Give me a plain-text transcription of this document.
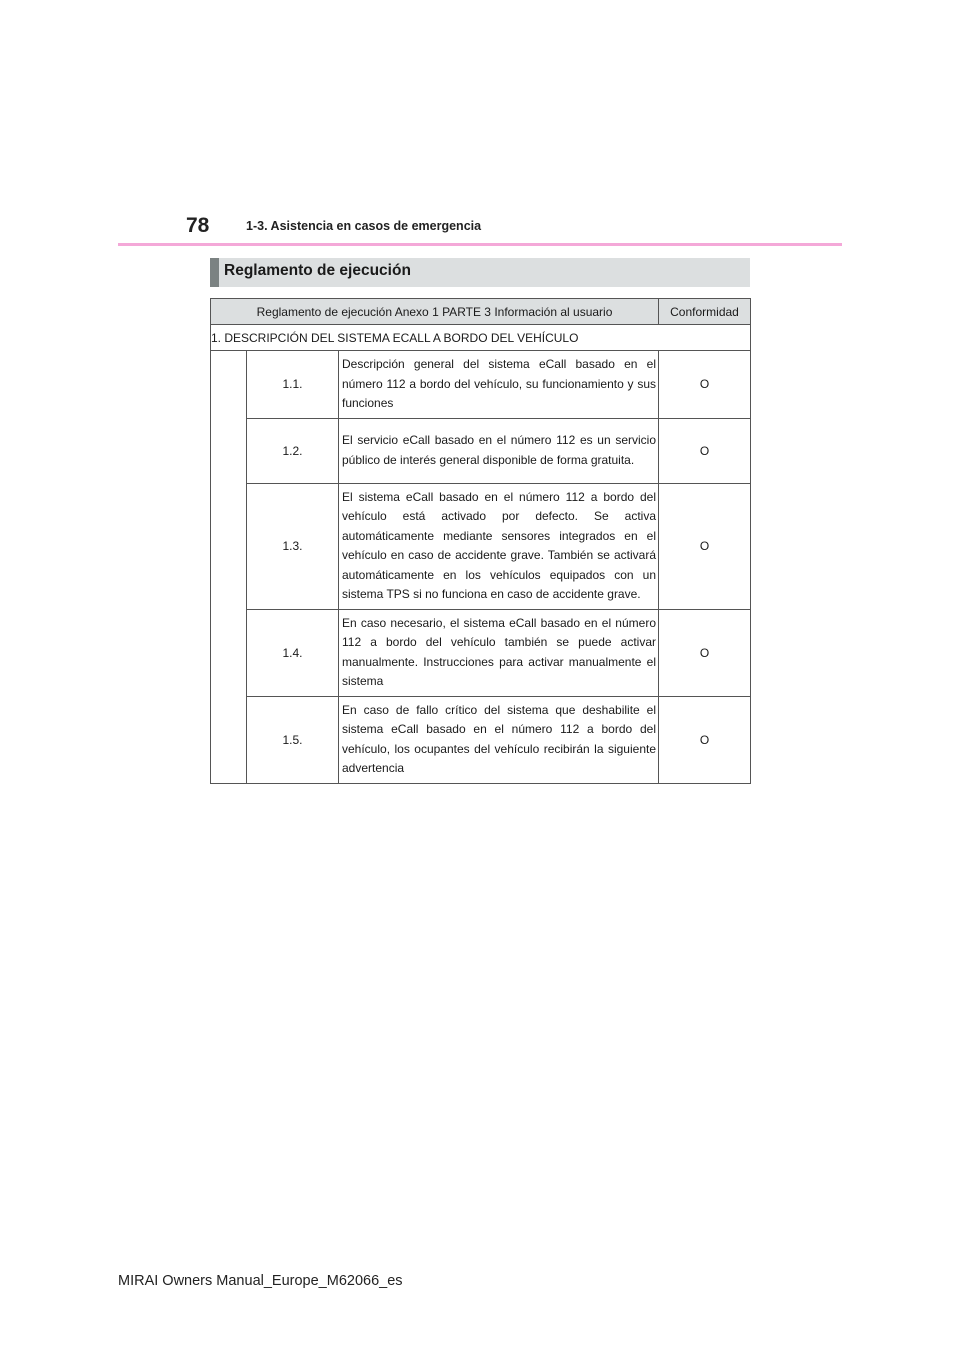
78	1-3. Asistencia en casos de emergencia
Reglamento de ejecución
Reglamento de ejecución Anexo 1 PARTE 3 Información al usuario			Conformidad
1. DESCRIPCIÓN DEL SISTEMA ECALL A BORDO DEL VEHÍCULO			
	1.1.	Descripción general del sistema eCall basado en el número 112 a bordo del vehículo, su funcionamiento y sus funciones	O
	1.2.	El servicio eCall basado en el número 112 es un servicio público de interés general disponible de forma gratuita.	O
	1.3.	El sistema eCall basado en el número 112 a bordo del vehículo está activado por defecto. Se activa automáticamente mediante sensores integrados en el vehículo en caso de accidente grave. También se activará automáticamente en los vehículos equipados con un sistema TPS si no funciona en caso de accidente grave.	O
	1.4.	En caso necesario, el sistema eCall basado en el número 112 a bordo del vehículo también se puede activar manualmente. Instrucciones para activar manualmente el sistema	O
	1.5.	En caso de fallo crítico del sistema que deshabilite el sistema eCall basado en el número 112 a bordo del vehículo, los ocupantes del vehículo recibirán la siguiente advertencia	O
MIRAI Owners Manual_Europe_M62066_es
